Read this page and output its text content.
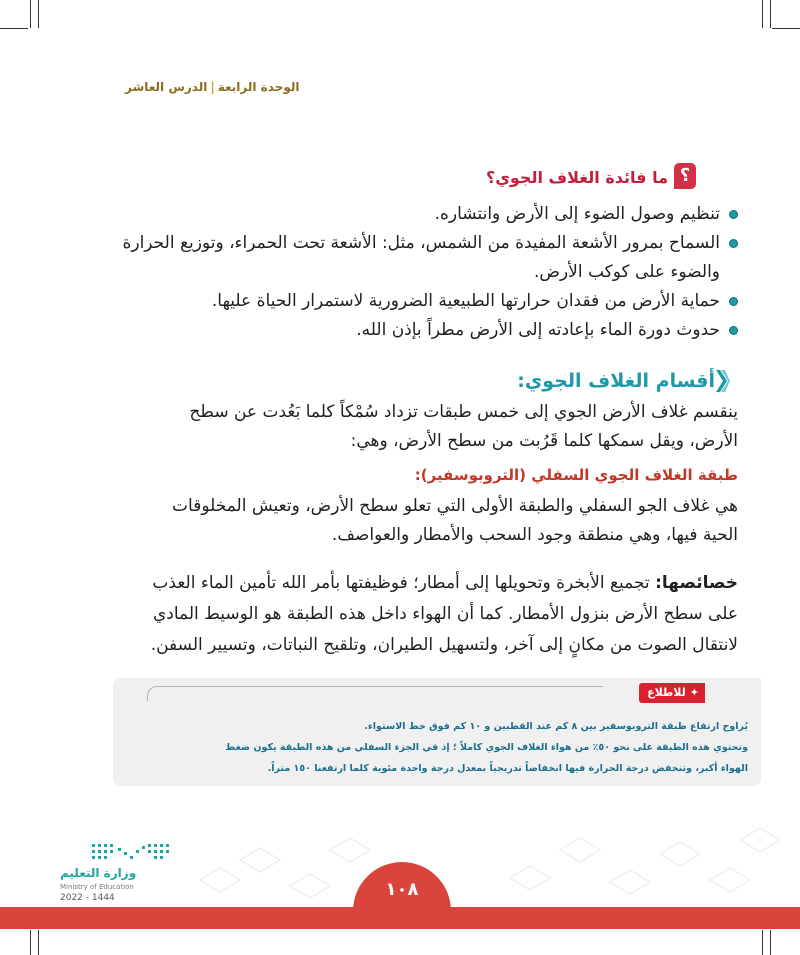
الوحدة الرابعة|الدرس العاشر
؟
ما فائدة الغلاف الجوي؟
تنظيم وصول الضوء إلى الأرض وانتشاره.
السماح بمرور الأشعة المفيدة من الشمس، مثل: الأشعة تحت الحمراء، وتوزيع الحرارة
والضوء على كوكب الأرض.
حماية الأرض من فقدان حرارتها الطبيعية الضرورية لاستمرار الحياة عليها.
حدوث دورة الماء بإعادته إلى الأرض مطراً بإذن الله.
أقسام الغلاف الجوي:
ينقسم غلاف الأرض الجوي إلى خمس طبقات تزداد سُمْكاً كلما بَعُدت عن سطح
الأرض، ويقل سمكها كلما قَرُبت من سطح الأرض، وهي:
طبقة الغلاف الجوي السفلي (التروبوسفير):
هي غلاف الجو السفلي والطبقة الأولى التي تعلو سطح الأرض، وتعيش المخلوقات
الحية فيها، وهي منطقة وجود السحب والأمطار والعواصف.
خصائصها: تجميع الأبخرة وتحويلها إلى أمطار؛ فوظيفتها بأمر الله تأمين الماء العذب
على سطح الأرض بنزول الأمطار. كما أن الهواء داخل هذه الطبقة هو الوسيط المادي
لانتقال الصوت من مكانٍ إلى آخر، ولتسهيل الطيران، وتلقيح النباتات، وتسيير السفن.
✦للاطلاع
يُراوح ارتفاع طبقة التروبوسفير بين ٨ كم عند القطبين و ١٠ كم فوق خط الاستواء.
وتحتوي هذه الطبقة على نحو ٥٠٪ من هواء الغلاف الجوي كاملاً ؛ إذ في الجزء السفلي من هذه الطبقة يكون ضغط
الهواء أكبر، وتنخفض درجة الحرارة فيها انخفاضاً تدريجياً بمعدل درجة واحدة مئوية كلما ارتفعنا ١٥٠ متراً.
١٠٨
وزارة التعليم
Ministry of Education
2022 - 1444
